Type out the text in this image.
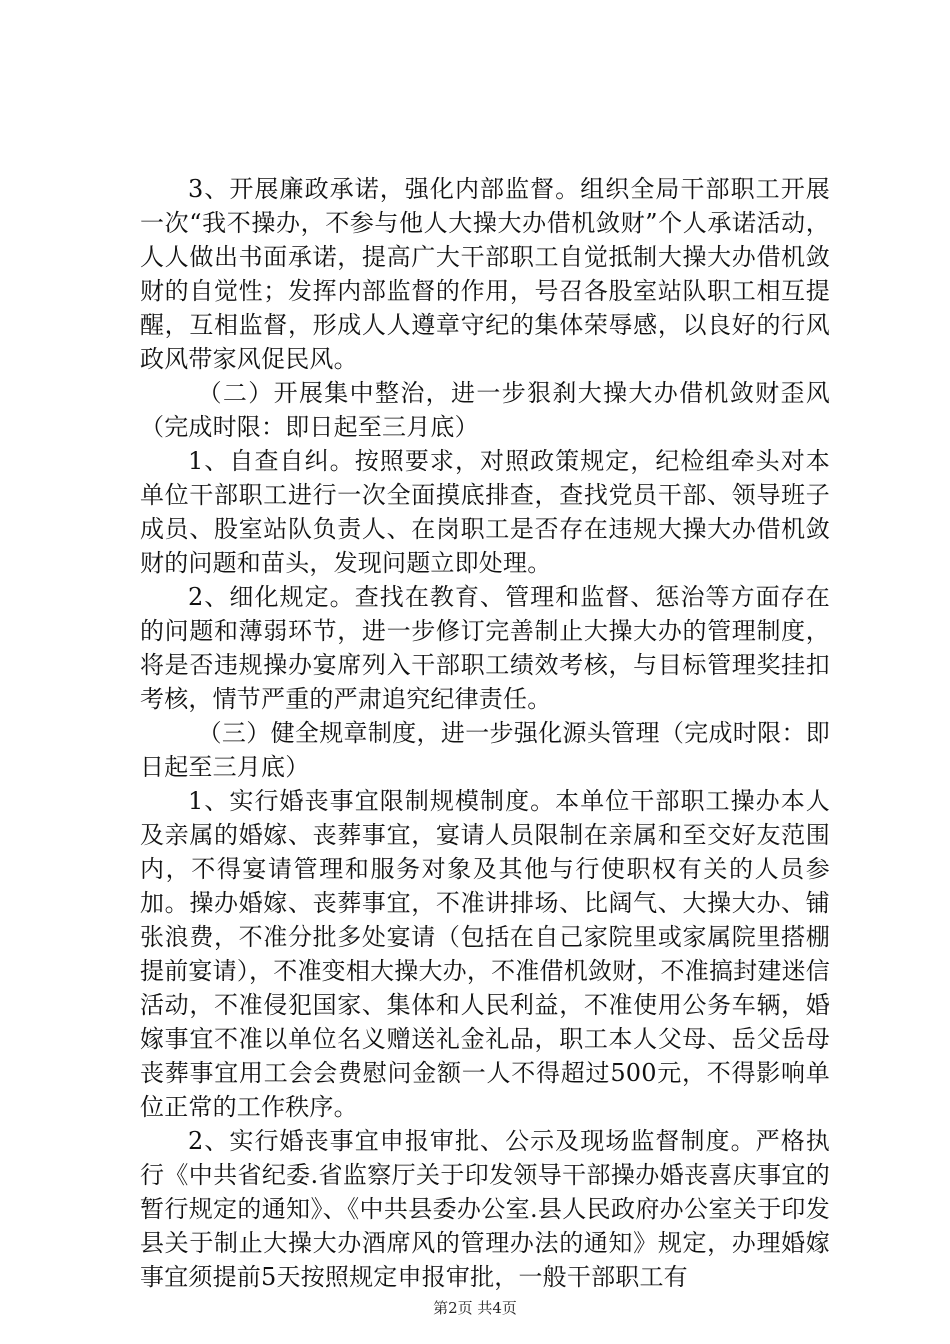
3、开展廉政承诺，强化内部监督。组织全局干部职工开展一次“我不操办，不参与他人大操大办借机敛财”个人承诺活动，人人做出书面承诺，提高广大干部职工自觉抵制大操大办借机敛财的自觉性；发挥内部监督的作用，号召各股室站队职工相互提醒，互相监督，形成人人遵章守纪的集体荣辱感，以良好的行风政风带家风促民风。

（二）开展集中整治，进一步狠刹大操大办借机敛财歪风（完成时限：即日起至三月底）

1、自查自纠。按照要求，对照政策规定，纪检组牵头对本单位干部职工进行一次全面摸底排查，查找党员干部、领导班子成员、股室站队负责人、在岗职工是否存在违规大操大办借机敛财的问题和苗头，发现问题立即处理。

2、细化规定。查找在教育、管理和监督、惩治等方面存在的问题和薄弱环节，进一步修订完善制止大操大办的管理制度，将是否违规操办宴席列入干部职工绩效考核，与目标管理奖挂扣考核，情节严重的严肃追究纪律责任。

（三）健全规章制度，进一步强化源头管理（完成时限：即日起至三月底）

1、实行婚丧事宜限制规模制度。本单位干部职工操办本人及亲属的婚嫁、丧葬事宜，宴请人员限制在亲属和至交好友范围内，不得宴请管理和服务对象及其他与行使职权有关的人员参加。操办婚嫁、丧葬事宜，不准讲排场、比阔气、大操大办、铺张浪费，不准分批多处宴请（包括在自己家院里或家属院里搭棚提前宴请），不准变相大操大办，不准借机敛财，不准搞封建迷信活动，不准侵犯国家、集体和人民利益，不准使用公务车辆，婚嫁事宜不准以单位名义赠送礼金礼品，职工本人父母、岳父岳母丧葬事宜用工会会费慰问金额一人不得超过500元，不得影响单位正常的工作秩序。

2、实行婚丧事宜申报审批、公示及现场监督制度。严格执行《中共省纪委.省监察厅关于印发领导干部操办婚丧喜庆事宜的暂行规定的通知》、《中共县委办公室.县人民政府办公室关于印发县关于制止大操大办酒席风的管理办法的通知》规定，办理婚嫁事宜须提前5天按照规定申报审批，一般干部职工有

第2页 共4页
